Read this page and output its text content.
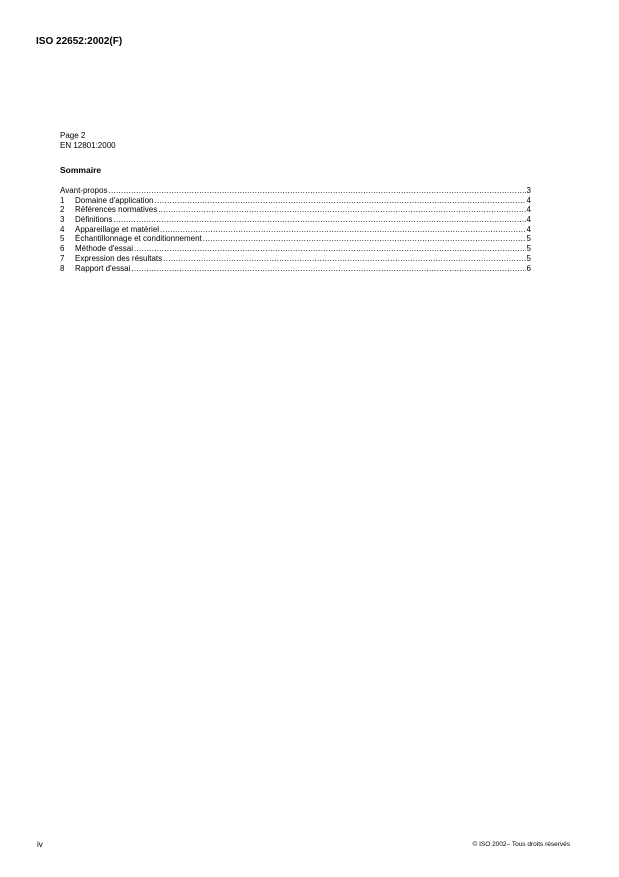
ISO 22652:2002(F)
Page 2
EN 12801:2000
Sommaire
Avant-propos .....	3
1	Domaine d'application .....	4
2	Références normatives .....	4
3	Définitions .....	4
4	Appareillage et matériel .....	4
5	Échantillonnage et conditionnement .....	5
6	Méthode d'essai .....	5
7	Expression des résultats .....	5
8	Rapport d'essai .....	6
iv	© ISO 2002– Tous droits réservés
